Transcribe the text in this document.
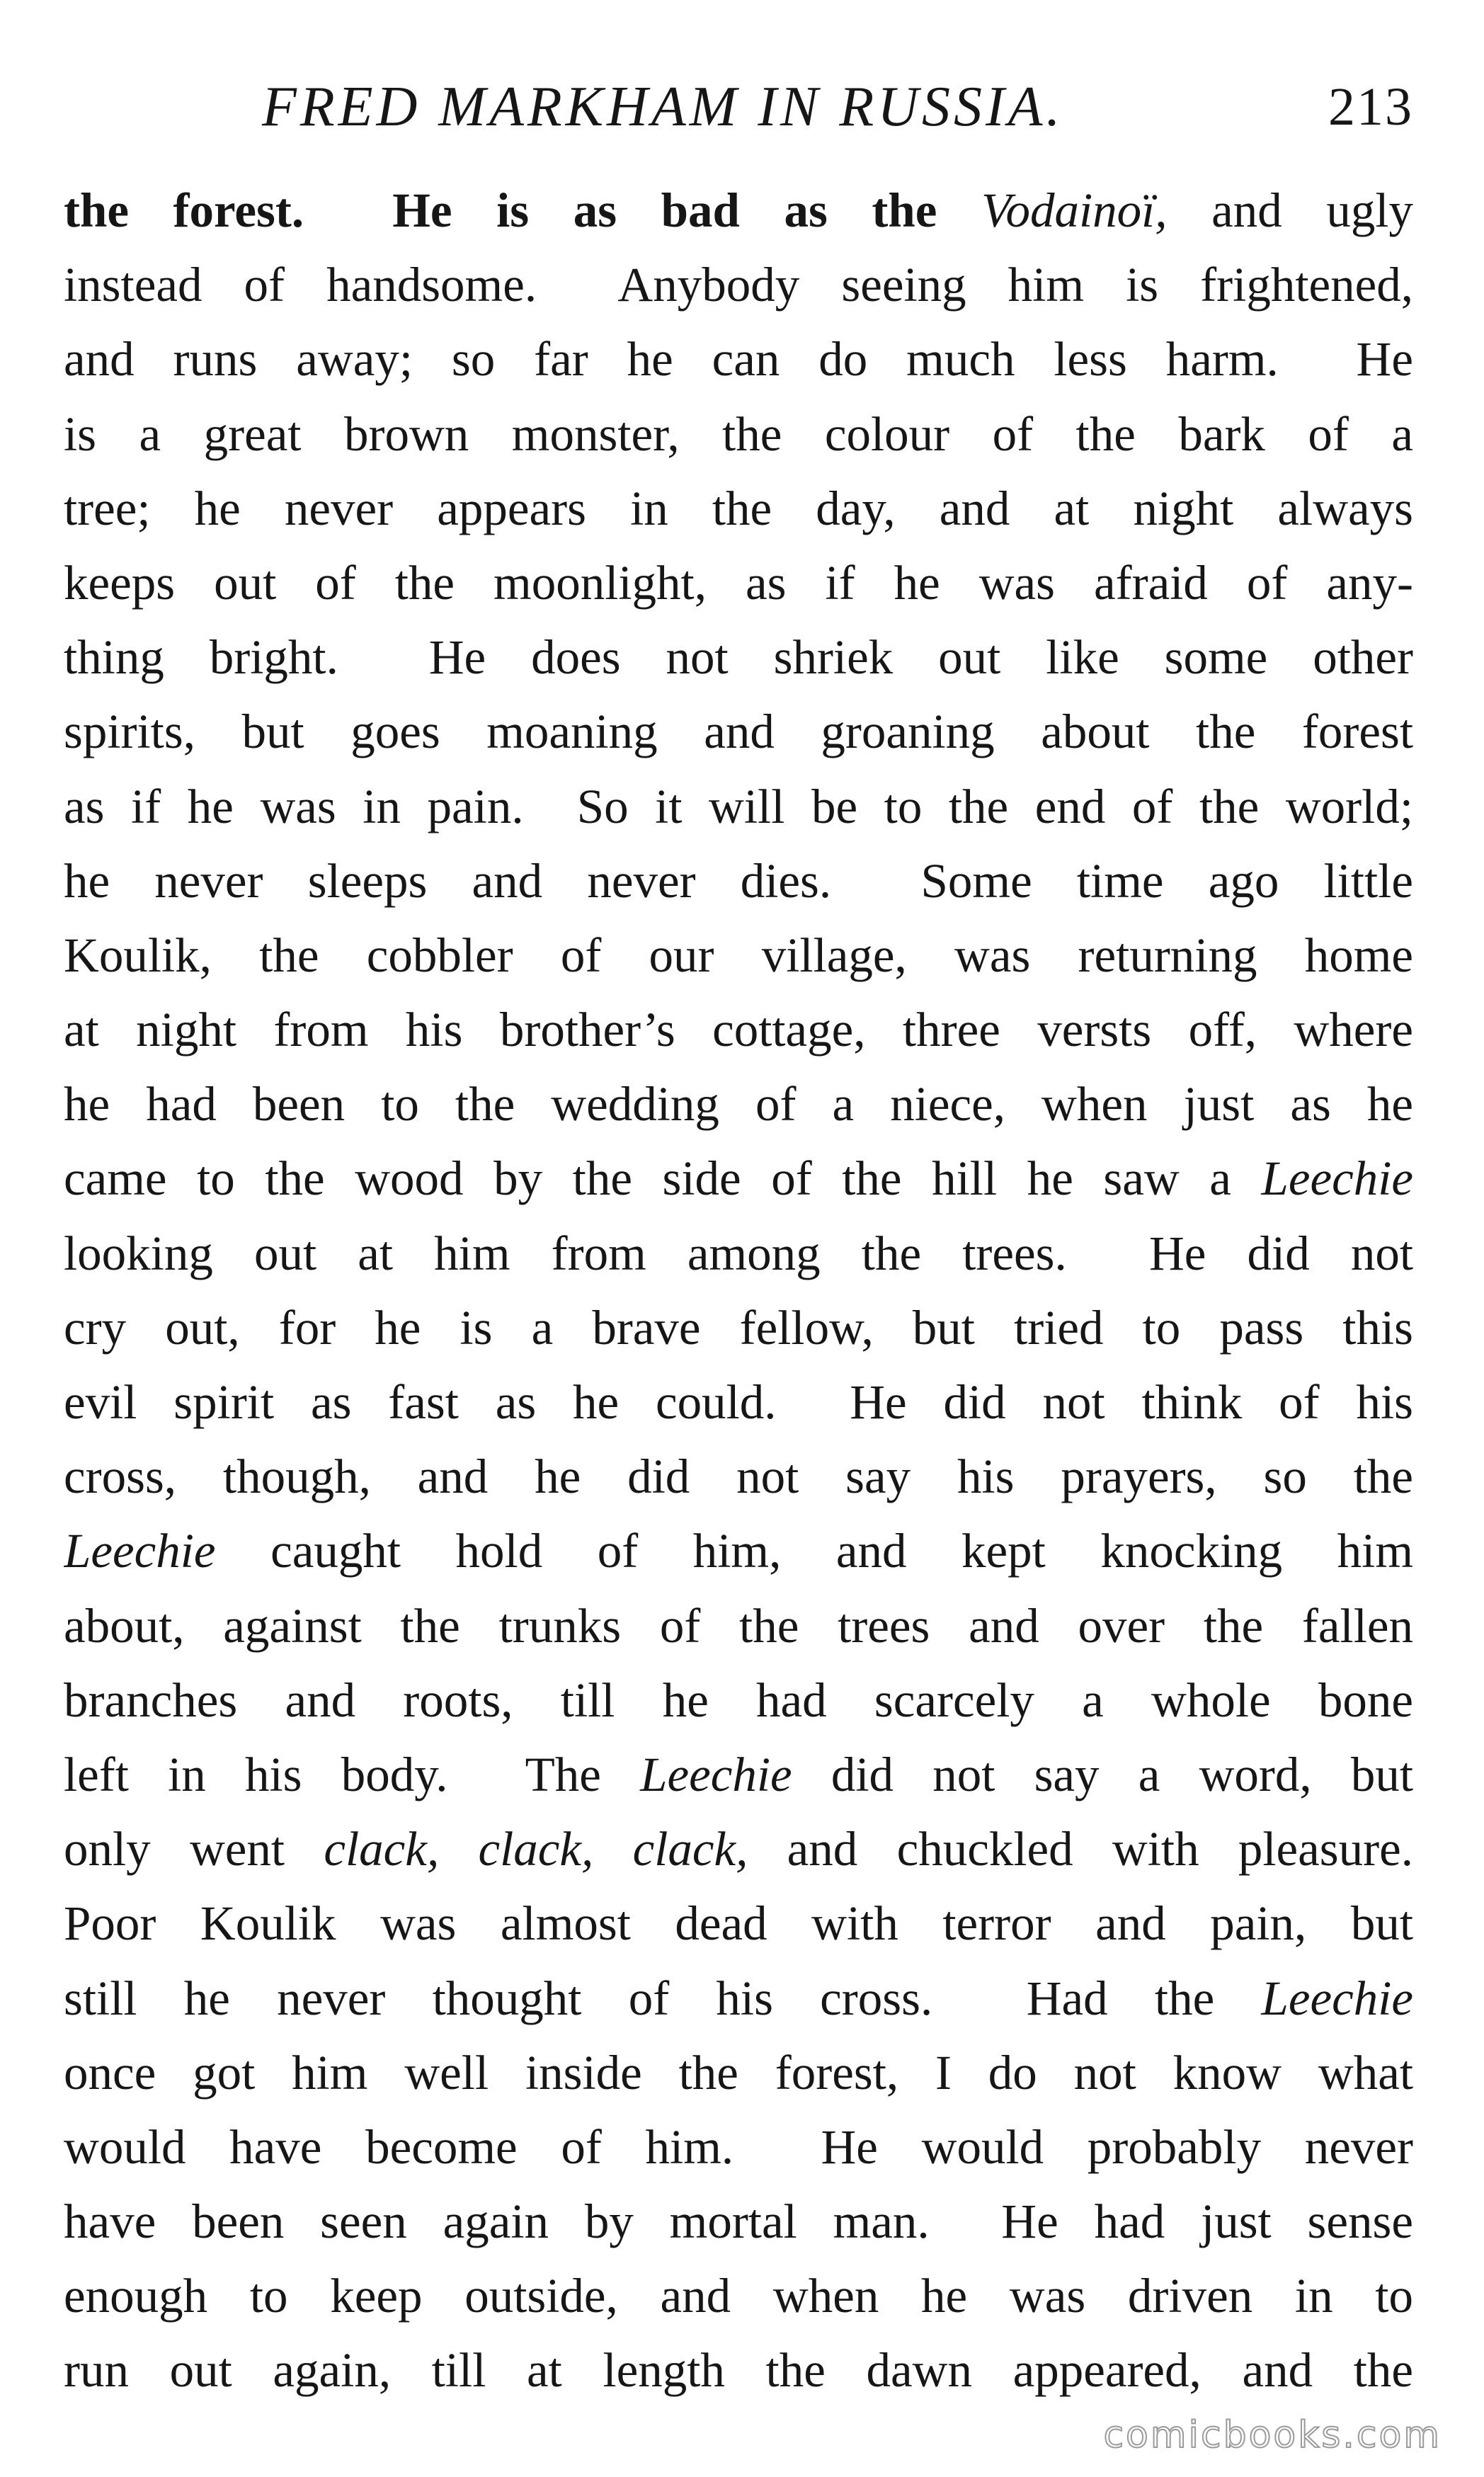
FRED MARKHAM IN RUSSIA.	213
the forest.  He is as bad as the Vodainoï, and ugly
instead of handsome.  Anybody seeing him is frightened,
and runs away; so far he can do much less harm.  He
is a great brown monster, the colour of the bark of a
tree; he never appears in the day, and at night always
keeps out of the moonlight, as if he was afraid of any-
thing bright.  He does not shriek out like some other
spirits, but goes moaning and groaning about the forest
as if he was in pain.  So it will be to the end of the world;
he never sleeps and never dies.  Some time ago little
Koulik, the cobbler of our village, was returning home
at night from his brother’s cottage, three versts off, where
he had been to the wedding of a niece, when just as he
came to the wood by the side of the hill he saw a Leechie
looking out at him from among the trees.  He did not
cry out, for he is a brave fellow, but tried to pass this
evil spirit as fast as he could.  He did not think of his
cross, though, and he did not say his prayers, so the
Leechie caught hold of him, and kept knocking him
about, against the trunks of the trees and over the fallen
branches and roots, till he had scarcely a whole bone
left in his body.  The Leechie did not say a word, but
only went clack, clack, clack, and chuckled with pleasure.
Poor Koulik was almost dead with terror and pain, but
still he never thought of his cross.  Had the Leechie
once got him well inside the forest, I do not know what
would have become of him.  He would probably never
have been seen again by mortal man.  He had just sense
enough to keep outside, and when he was driven in to
run out again, till at length the dawn appeared, and the
comicbooks.com
